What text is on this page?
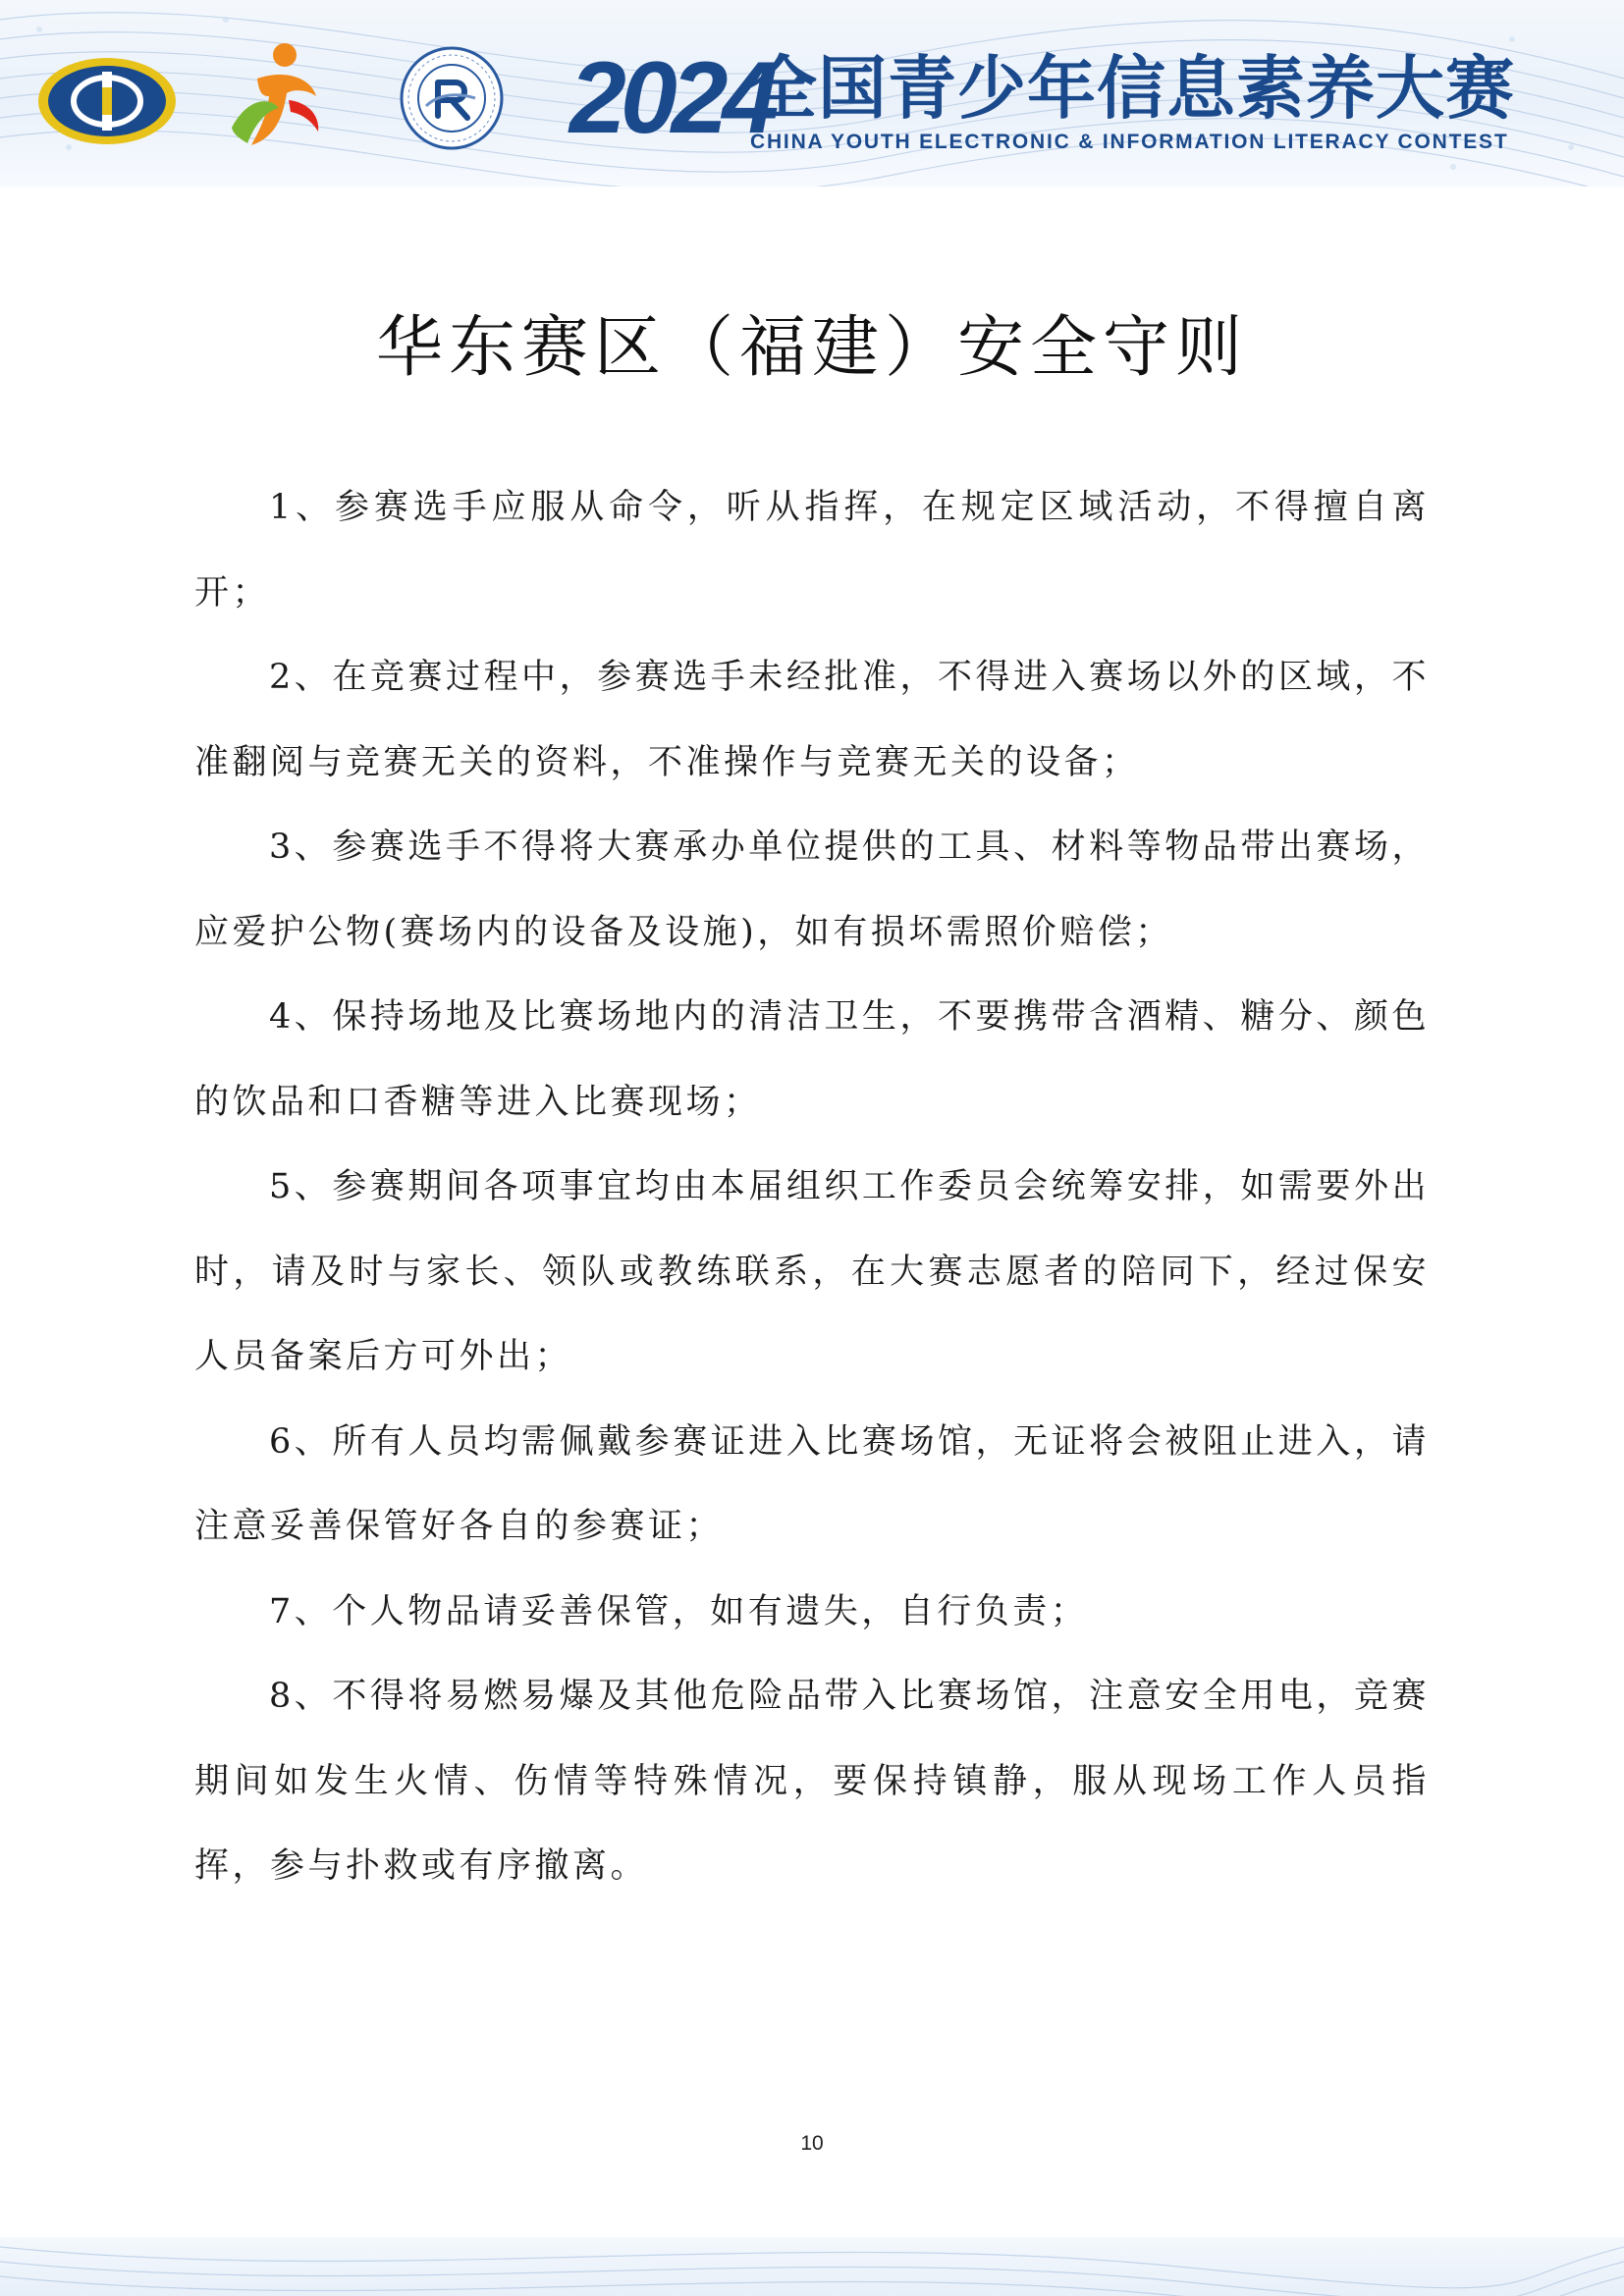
2024
全国青少年信息素养大赛
CHINA YOUTH ELECTRONIC & INFORMATION LITERACY CONTEST
华东赛区（福建）安全守则

1、参赛选手应服从命令，听从指挥，在规定区域活动，不得擅自离开；

2、在竞赛过程中，参赛选手未经批准，不得进入赛场以外的区域，不准翻阅与竞赛无关的资料，不准操作与竞赛无关的设备；

3、参赛选手不得将大赛承办单位提供的工具、材料等物品带出赛场，应爱护公物(赛场内的设备及设施)，如有损坏需照价赔偿；

4、保持场地及比赛场地内的清洁卫生，不要携带含酒精、糖分、颜色的饮品和口香糖等进入比赛现场；

5、参赛期间各项事宜均由本届组织工作委员会统筹安排，如需要外出时，请及时与家长、领队或教练联系，在大赛志愿者的陪同下，经过保安人员备案后方可外出；

6、所有人员均需佩戴参赛证进入比赛场馆，无证将会被阻止进入，请注意妥善保管好各自的参赛证；

7、个人物品请妥善保管，如有遗失，自行负责；

8、不得将易燃易爆及其他危险品带入比赛场馆，注意安全用电，竞赛期间如发生火情、伤情等特殊情况，要保持镇静，服从现场工作人员指挥，参与扑救或有序撤离。

10
